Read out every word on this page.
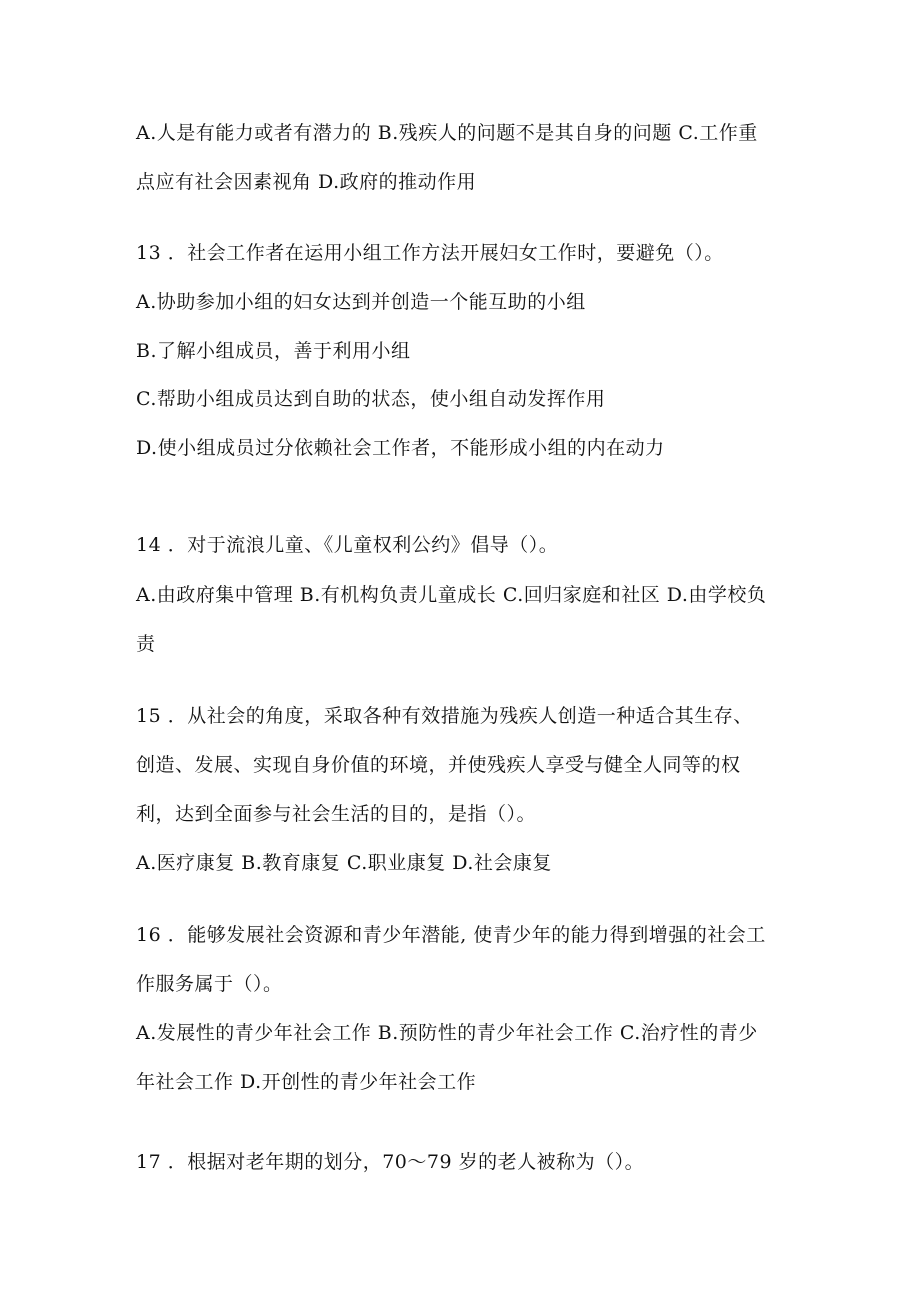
A.人是有能力或者有潜力的 B.残疾人的问题不是其自身的问题 C.工作重
点应有社会因素视角 D.政府的推动作用
13 ．社会工作者在运用小组工作方法开展妇女工作时，要避免（）。
A.协助参加小组的妇女达到并创造一个能互助的小组
B.了解小组成员，善于利用小组
C.帮助小组成员达到自助的状态，使小组自动发挥作用
D.使小组成员过分依赖社会工作者，不能形成小组的内在动力
14 ．对于流浪儿童、《儿童权利公约》倡导（）。
A.由政府集中管理 B.有机构负责儿童成长 C.回归家庭和社区 D.由学校负
责
15 ．从社会的角度，采取各种有效措施为残疾人创造一种适合其生存、
创造、发展、实现自身价值的环境，并使残疾人享受与健全人同等的权
利，达到全面参与社会生活的目的，是指（）。
A.医疗康复 B.教育康复 C.职业康复 D.社会康复
16 ．能够发展社会资源和青少年潜能, 使青少年的能力得到增强的社会工
作服务属于（）。
A.发展性的青少年社会工作 B.预防性的青少年社会工作 C.治疗性的青少
年社会工作 D.开创性的青少年社会工作
17 ．根据对老年期的划分，70～79 岁的老人被称为（）。
